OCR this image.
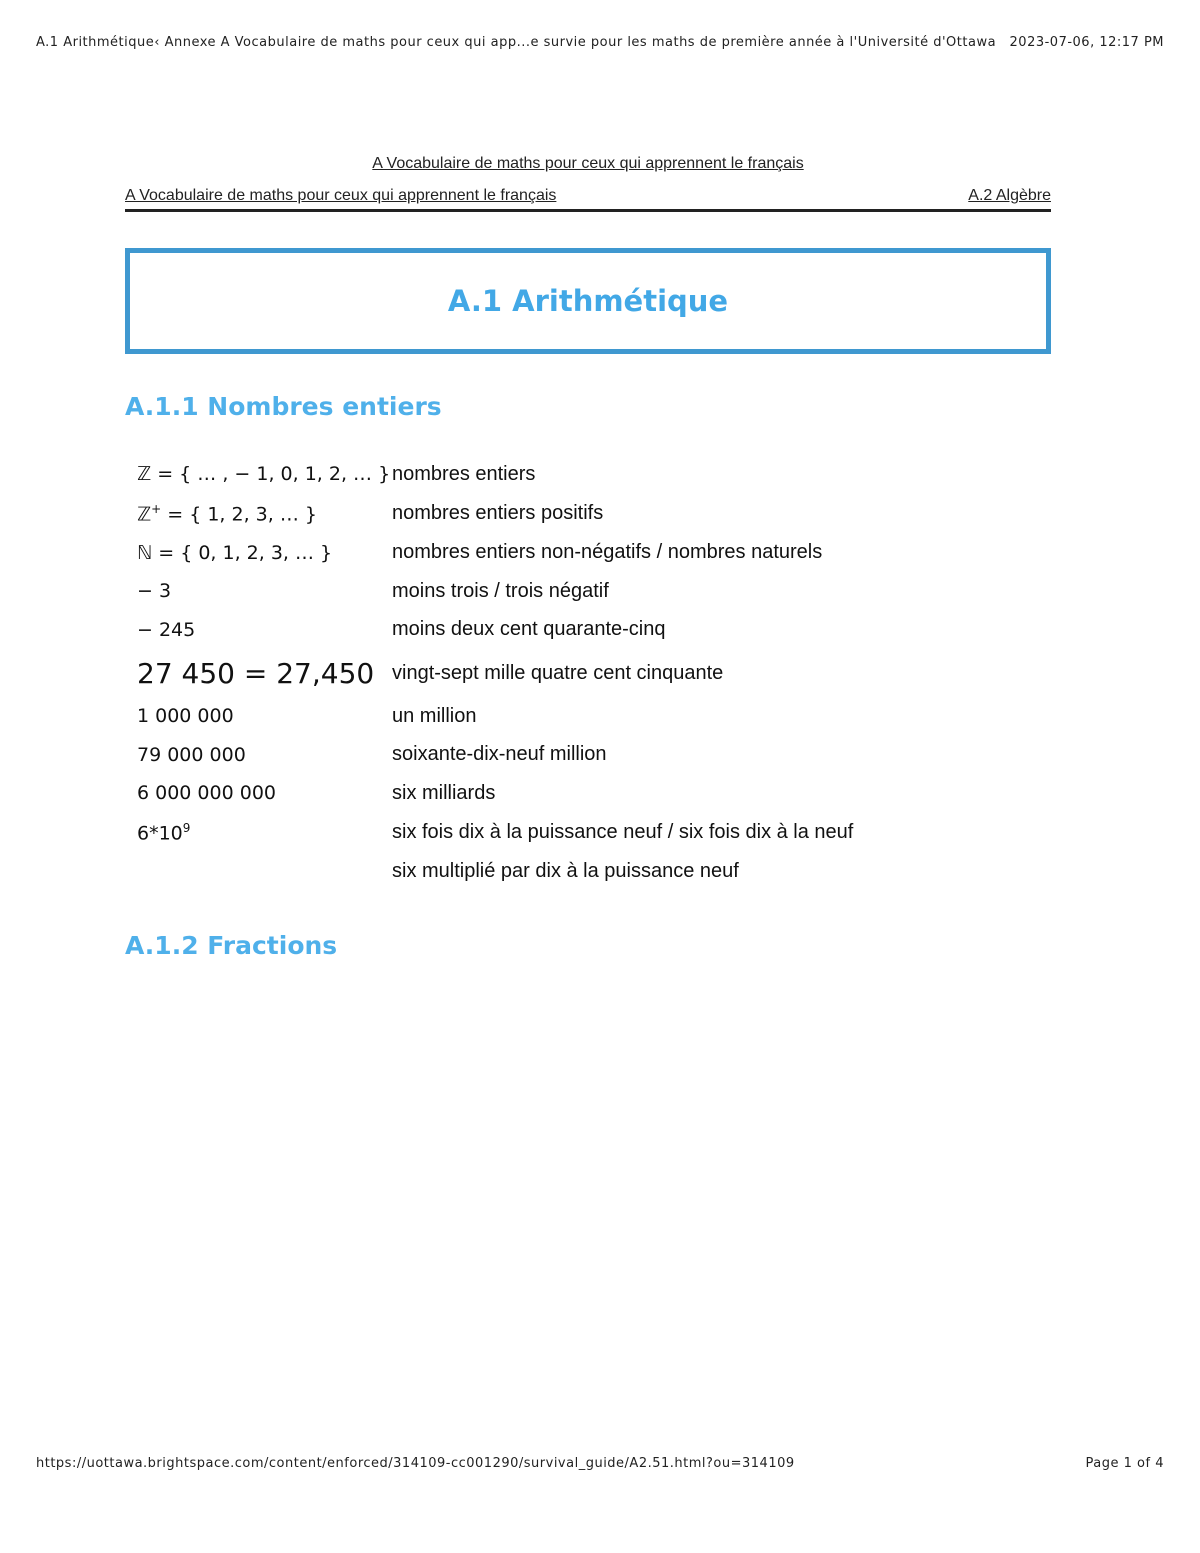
A.1 Arithmétique‹ Annexe A Vocabulaire de maths pour ceux qui app...e survie pour les maths de première année à l'Université d'Ottawa 2023-07-06, 12:17 PM
A Vocabulaire de maths pour ceux qui apprennent le français
A Vocabulaire de maths pour ceux qui apprennent le français	A.2 Algèbre
A.1 Arithmétique
A.1.1 Nombres entiers
ℤ = { … , − 1, 0, 1, 2, … }	nombres entiers
ℤ+ = { 1, 2, 3, … }	nombres entiers positifs
ℕ = { 0, 1, 2, 3, … }	nombres entiers non-négatifs / nombres naturels
− 3	moins trois / trois négatif
− 245	moins deux cent quarante-cinq
27 450 = 27,450	vingt-sept mille quatre cent cinquante
1 000 000	un million
79 000 000	soixante-dix-neuf million
6 000 000 000	six milliards
$6*10^9$	six fois dix à la puissance neuf / six fois dix à la neuf
	six multiplié par dix à la puissance neuf
A.1.2 Fractions
https://uottawa.brightspace.com/content/enforced/314109-cc001290/survival_guide/A2.51.html?ou=314109	Page 1 of 4
